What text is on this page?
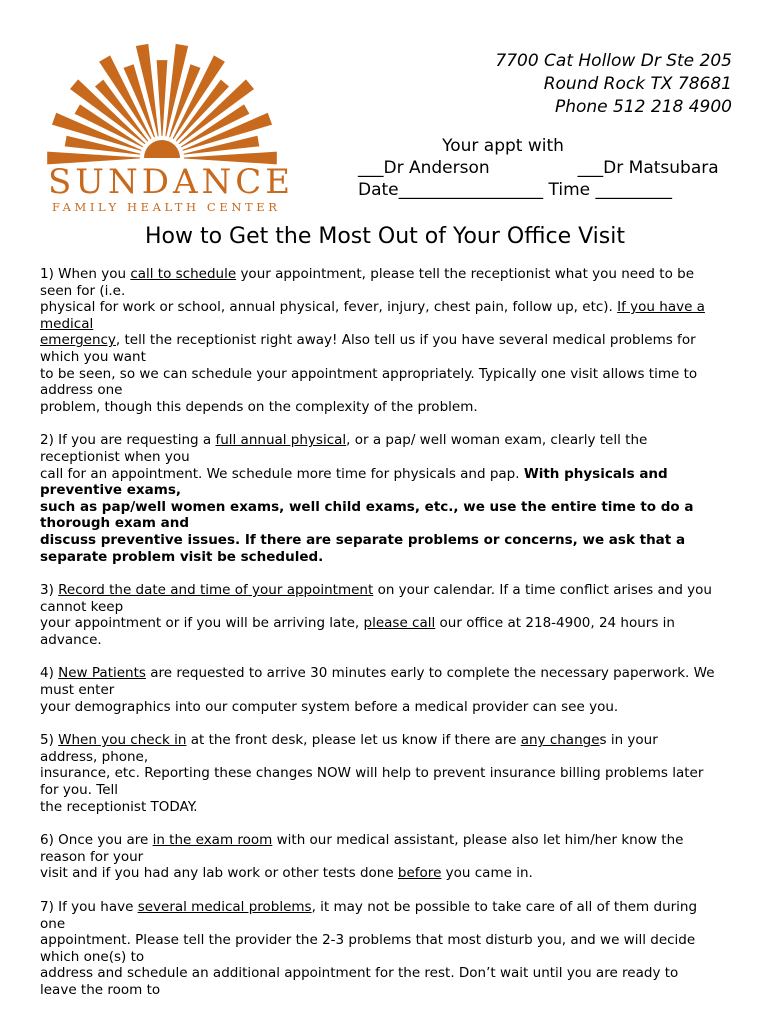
SUNDANCE
FAMILY HEALTH CENTER
7700 Cat Hollow Dr Ste 205
Round Rock TX 78681
Phone 512 218 4900
Your appt with
___Dr Anderson	___Dr Matsubara
Date_________________ Time _________
How to Get the Most Out of Your Office Visit
1) When you call to schedule your appointment, please tell the receptionist what you need to be
seen for (i.e.
physical for work or school, annual physical, fever, injury, chest pain, follow up, etc). If you have a
medical
emergency, tell the receptionist right away! Also tell us if you have several medical problems for
which you want
to be seen, so we can schedule your appointment appropriately. Typically one visit allows time to
address one
problem, though this depends on the complexity of the problem.
2) If you are requesting a full annual physical, or a pap/ well woman exam, clearly tell the
receptionist when you
call for an appointment. We schedule more time for physicals and pap. With physicals and
preventive exams,
such as pap/well women exams, well child exams, etc., we use the entire time to do a
thorough exam and
discuss preventive issues. If there are separate problems or concerns, we ask that a
separate problem visit be scheduled.
3) Record the date and time of your appointment on your calendar. If a time conflict arises and you
cannot keep
your appointment or if you will be arriving late, please call our office at 218-4900, 24 hours in
advance.
4) New Patients are requested to arrive 30 minutes early to complete the necessary paperwork. We
must enter
your demographics into our computer system before a medical provider can see you.
5) When you check in at the front desk, please let us know if there are any changes in your
address, phone,
insurance, etc. Reporting these changes NOW will help to prevent insurance billing problems later
for you. Tell
the receptionist TODAY.
6) Once you are in the exam room with our medical assistant, please also let him/her know the
reason for your
visit and if you had any lab work or other tests done before you came in.
7) If you have several medical problems, it may not be possible to take care of all of them during
one
appointment. Please tell the provider the 2-3 problems that most disturb you, and we will decide
which one(s) to
address and schedule an additional appointment for the rest. Don’t wait until you are ready to
leave the room to
